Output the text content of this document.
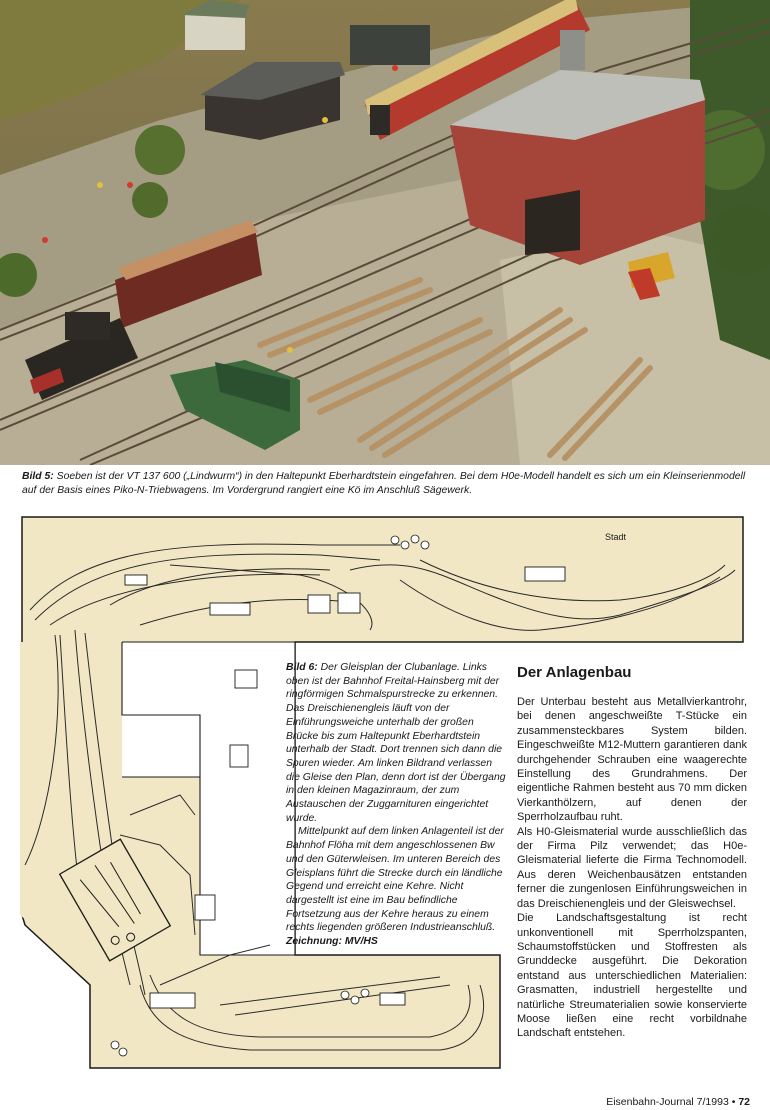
Bild 5: Soeben ist der VT 137 600 („Lindwurm“) in den Haltepunkt Eberhardtstein eingefahren. Bei dem H0e-Modell handelt es sich um ein Kleinserienmodell auf der Basis eines Piko-N-Triebwagens. Im Vordergrund rangiert eine Kö im Anschluß Sägewerk.

Stadt

Bild 6: Der Gleisplan der Clubanlage. Links oben ist der Bahnhof Freital-Hainsberg mit der ringförmigen Schmalspurstrecke zu erkennen. Das Dreischienengleis läuft von der Einführungsweiche unterhalb der großen Brücke bis zum Haltepunkt Eberhardtstein unterhalb der Stadt. Dort trennen sich dann die Spuren wieder. Am linken Bildrand verlassen die Gleise den Plan, denn dort ist der Übergang in den kleinen Magazinraum, der zum Austauschen der Zuggarnituren eingerichtet wurde.

Mittelpunkt auf dem linken Anlagenteil ist der Bahnhof Flöha mit dem angeschlossenen Bw und den Güterwleisen. Im unteren Bereich des Gleisplans führt die Strecke durch ein ländliche Gegend und erreicht eine Kehre. Nicht dargestellt ist eine im Bau befindliche Fortsetzung aus der Kehre heraus zu einem rechts liegenden größeren Industrieanschluß. Zeichnung: MV/HS

Der Anlagenbau

Der Unterbau besteht aus Metallvierkantrohr, bei denen angeschweißte T-Stücke ein zusammensteckbares System bilden. Eingeschweißte M12-Muttern garantieren dank durchgehender Schrauben eine waagerechte Einstellung des Grundrahmens. Der eigentliche Rahmen besteht aus 70 mm dicken Vierkanthölzern, auf denen der Sperrholzaufbau ruht.

Als H0-Gleismaterial wurde ausschließlich das der Firma Pilz verwendet; das H0e-Gleismaterial lieferte die Firma Technomodell. Aus deren Weichenbausätzen entstanden ferner die zungenlosen Einführungsweichen in das Dreischienengleis und der Gleiswechsel.

Die Landschaftsgestaltung ist recht unkonventionell mit Sperrholzspanten, Schaumstoffstücken und Stoffresten als Grunddecke ausgeführt. Die Dekoration entstand aus unterschiedlichen Materialien: Grasmatten, industriell hergestellte und natürliche Streumaterialien sowie konservierte Moose ließen eine recht vorbildnahe Landschaft entstehen.

Eisenbahn-Journal 7/1993 • 72
